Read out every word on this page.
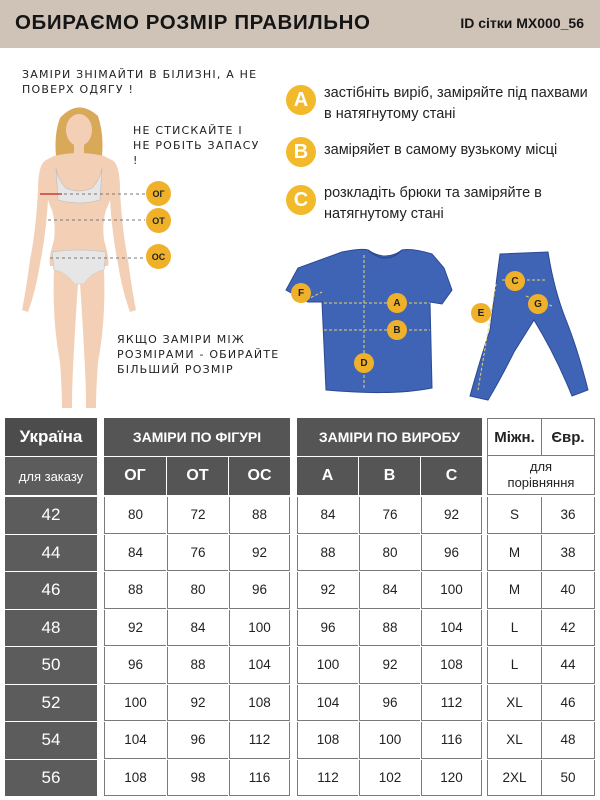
ОБИРАЄМО РОЗМІР ПРАВИЛЬНО	ID сітки МХ000_56
ЗАМІРИ ЗНІМАЙТИ В БІЛИЗНІ, А НЕ ПОВЕРХ ОДЯГУ !
НЕ СТИСКАЙТЕ І НЕ РОБІТЬ ЗАПАСУ !
ЯКЩО ЗАМІРИ МІЖ РОЗМІРАМИ - ОБИРАЙТЕ БІЛЬШИЙ РОЗМІР
ОГ
ОТ
ОС
A	застібніть виріб, заміряйте під пахвами в натягнутому стані
B	заміряйет в самому вузькому місці
C	розкладіть брюки та заміряйте в натягнутому стані
F
A
B
D
C
G
E
Україна
для заказу
ЗАМІРИ ПО ФІГУРІ
ОГ	ОТ	ОС
ЗАМІРИ ПО ВИРОБУ
A	B	C
Міжн.	Євр.
для порівняння
42	80	72	88	84	76	92	S	36
44	84	76	92	88	80	96	M	38
46	88	80	96	92	84	100	M	40
48	92	84	100	96	88	104	L	42
50	96	88	104	100	92	108	L	44
52	100	92	108	104	96	112	XL	46
54	104	96	112	108	100	116	XL	48
56	108	98	116	112	102	120	2XL	50
